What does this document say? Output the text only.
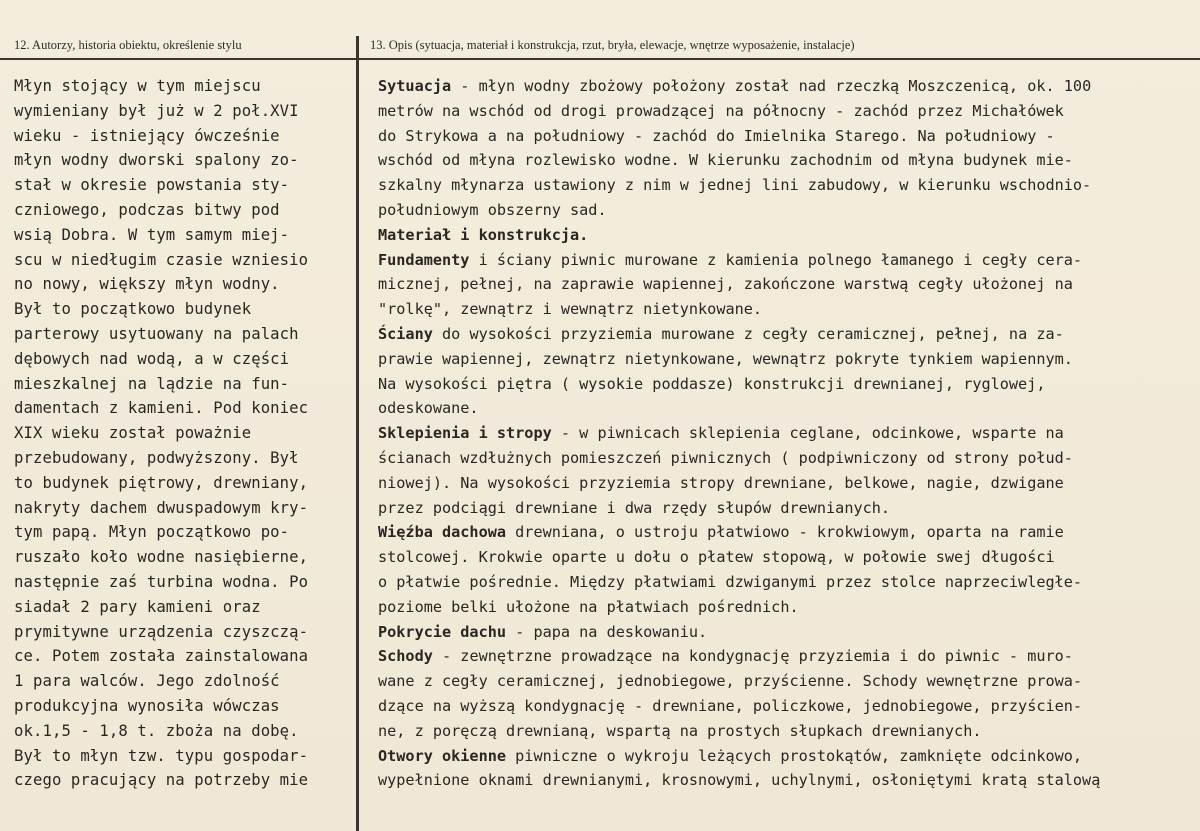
12. Autorzy, historia obiektu, określenie stylu	13. Opis (sytuacja, materiał i konstrukcja, rzut, bryła, elewacje, wnętrze wyposażenie, instalacje)
Młyn stojący w tym miejscu
wymieniany był już w 2 poł.XVI
wieku - istniejący ówcześnie
młyn wodny dworski spalony zo-
stał w okresie powstania sty-
czniowego, podczas bitwy pod
wsią Dobra. W tym samym miej-
scu w niedługim czasie wzniesio
no nowy, większy młyn wodny.
Był to początkowo budynek
parterowy usytuowany na palach
dębowych nad wodą, a w części
mieszkalnej na lądzie na fun-
damentach z kamieni. Pod koniec
XIX wieku został poważnie
przebudowany, podwyższony. Był
to budynek piętrowy, drewniany,
nakryty dachem dwuspadowym kry-
tym papą. Młyn początkowo po-
ruszało koło wodne nasiębierne,
następnie zaś turbina wodna. Po
siadał 2 pary kamieni oraz
prymitywne urządzenia czyszczą-
ce. Potem została zainstalowana
1 para walców. Jego zdolność
produkcyjna wynosiła wówczas
ok.1,5 - 1,8 t. zboża na dobę.
Był to młyn tzw. typu gospodar-
czego pracujący na potrzeby mie
Sytuacja - młyn wodny zbożowy położony został nad rzeczką Moszczenicą, ok. 100
metrów na wschód od drogi prowadzącej na północny - zachód przez Michałówek
do Strykowa a na południowy - zachód do Imielnika Starego. Na południowy -
wschód od młyna rozlewisko wodne. W kierunku zachodnim od młyna budynek mie-
szkalny młynarza ustawiony z nim w jednej lini zabudowy, w kierunku wschodnio-
południowym obszerny sad.
Materiał i konstrukcja.
Fundamenty i ściany piwnic murowane z kamienia polnego łamanego i cegły cera-
micznej, pełnej, na zaprawie wapiennej, zakończone warstwą cegły ułożonej na
"rolkę", zewnątrz i wewnątrz nietynkowane.
Ściany do wysokości przyziemia murowane z cegły ceramicznej, pełnej, na za-
prawie wapiennej, zewnątrz nietynkowane, wewnątrz pokryte tynkiem wapiennym.
Na wysokości piętra ( wysokie poddasze) konstrukcji drewnianej, ryglowej,
odeskowane.
Sklepienia i stropy - w piwnicach sklepienia ceglane, odcinkowe, wsparte na
ścianach wzdłużnych pomieszczeń piwnicznych ( podpiwniczony od strony połud-
niowej). Na wysokości przyziemia stropy drewniane, belkowe, nagie, dzwigane
przez podciągi drewniane i dwa rzędy słupów drewnianych.
Więźba dachowa drewniana, o ustroju płatwiowo - krokwiowym, oparta na ramie
stolcowej. Krokwie oparte u dołu o płatew stopową, w połowie swej długości
o płatwie pośrednie. Między płatwiami dzwiganymi przez stolce naprzeciwległe-
poziome belki ułożone na płatwiach pośrednich.
Pokrycie dachu - papa na deskowaniu.
Schody - zewnętrzne prowadzące na kondygnację przyziemia i do piwnic - muro-
wane z cegły ceramicznej, jednobiegowe, przyścienne. Schody wewnętrzne prowa-
dzące na wyższą kondygnację - drewniane, policzkowe, jednobiegowe, przyścien-
ne, z poręczą drewnianą, wspartą na prostych słupkach drewnianych.
Otwory okienne piwniczne o wykroju leżących prostokątów, zamknięte odcinkowo,
wypełnione oknami drewnianymi, krosnowymi, uchylnymi, osłoniętymi kratą stalową
